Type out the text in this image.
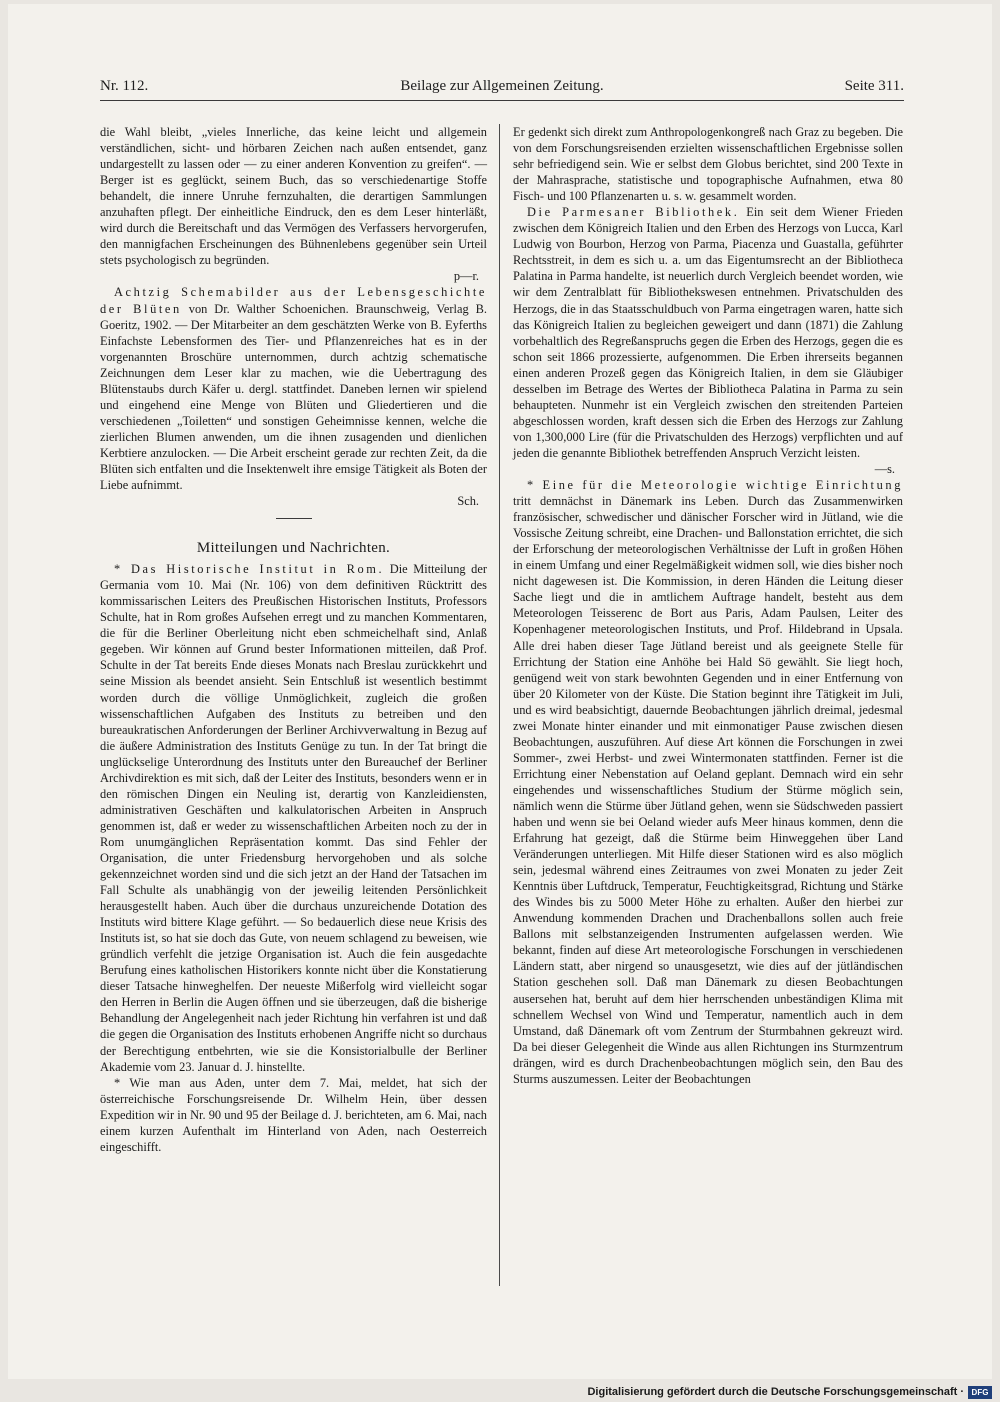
Nr. 112.	Beilage zur Allgemeinen Zeitung.	Seite 311.

die Wahl bleibt, „vieles Innerliche, das keine leicht und allgemein verständlichen, sicht- und hörbaren Zeichen nach außen entsendet, ganz undargestellt zu lassen oder — zu einer anderen Konvention zu greifen“. — Berger ist es geglückt, seinem Buch, das so verschiedenartige Stoffe behandelt, die innere Unruhe fernzuhalten, die derartigen Sammlungen anzuhaften pflegt. Der einheitliche Eindruck, den es dem Leser hinterläßt, wird durch die Bereitschaft und das Vermögen des Verfassers hervorgerufen, den mannigfachen Erscheinungen des Bühnenlebens gegenüber sein Urteil stets psychologisch zu begründen.

p—r.

Achtzig Schemabilder aus der Lebensgeschichte der Blüten von Dr. Walther Schoenichen. Braunschweig, Verlag B. Goeritz, 1902. — Der Mitarbeiter an dem geschätzten Werke von B. Eyferths Einfachste Lebensformen des Tier- und Pflanzenreiches hat es in der vorgenannten Broschüre unternommen, durch achtzig schematische Zeichnungen dem Leser klar zu machen, wie die Uebertragung des Blütenstaubs durch Käfer u. dergl. stattfindet. Daneben lernen wir spielend und eingehend eine Menge von Blüten und Gliedertieren und die verschiedenen „Toiletten“ und sonstigen Geheimnisse kennen, welche die zierlichen Blumen anwenden, um die ihnen zusagenden und dienlichen Kerbtiere anzulocken. — Die Arbeit erscheint gerade zur rechten Zeit, da die Blüten sich entfalten und die Insektenwelt ihre emsige Tätigkeit als Boten der Liebe aufnimmt.

Sch.

Mitteilungen und Nachrichten.

* Das Historische Institut in Rom. Die Mitteilung der Germania vom 10. Mai (Nr. 106) von dem definitiven Rücktritt des kommissarischen Leiters des Preußischen Historischen Instituts, Professors Schulte, hat in Rom großes Aufsehen erregt und zu manchen Kommentaren, die für die Berliner Oberleitung nicht eben schmeichelhaft sind, Anlaß gegeben. Wir können auf Grund bester Informationen mitteilen, daß Prof. Schulte in der Tat bereits Ende dieses Monats nach Breslau zurückkehrt und seine Mission als beendet ansieht. Sein Entschluß ist wesentlich bestimmt worden durch die völlige Unmöglichkeit, zugleich die großen wissenschaftlichen Aufgaben des Instituts zu betreiben und den bureaukratischen Anforderungen der Berliner Archivverwaltung in Bezug auf die äußere Administration des Instituts Genüge zu tun. In der Tat bringt die unglückselige Unterordnung des Instituts unter den Bureauchef der Berliner Archivdirektion es mit sich, daß der Leiter des Instituts, besonders wenn er in den römischen Dingen ein Neuling ist, derartig von Kanzleidiensten, administrativen Geschäften und kalkulatorischen Arbeiten in Anspruch genommen ist, daß er weder zu wissenschaftlichen Arbeiten noch zu der in Rom unumgänglichen Repräsentation kommt. Das sind Fehler der Organisation, die unter Friedensburg hervorgehoben und als solche gekennzeichnet worden sind und die sich jetzt an der Hand der Tatsachen im Fall Schulte als unabhängig von der jeweilig leitenden Persönlichkeit herausgestellt haben. Auch über die durchaus unzureichende Dotation des Instituts wird bittere Klage geführt. — So bedauerlich diese neue Krisis des Instituts ist, so hat sie doch das Gute, von neuem schlagend zu beweisen, wie gründlich verfehlt die jetzige Organisation ist. Auch die fein ausgedachte Berufung eines katholischen Historikers konnte nicht über die Konstatierung dieser Tatsache hinweghelfen. Der neueste Mißerfolg wird vielleicht sogar den Herren in Berlin die Augen öffnen und sie überzeugen, daß die bisherige Behandlung der Angelegenheit nach jeder Richtung hin verfahren ist und daß die gegen die Organisation des Instituts erhobenen Angriffe nicht so durchaus der Berechtigung entbehrten, wie sie die Konsistorialbulle der Berliner Akademie vom 23. Januar d. J. hinstellte.

* Wie man aus Aden, unter dem 7. Mai, meldet, hat sich der österreichische Forschungsreisende Dr. Wilhelm Hein, über dessen Expedition wir in Nr. 90 und 95 der Beilage d. J. berichteten, am 6. Mai, nach einem kurzen Aufenthalt im Hinterland von Aden, nach Oesterreich eingeschifft.

Er gedenkt sich direkt zum Anthropologenkongreß nach Graz zu begeben. Die von dem Forschungsreisenden erzielten wissenschaftlichen Ergebnisse sollen sehr befriedigend sein. Wie er selbst dem Globus berichtet, sind 200 Texte in der Mahrasprache, statistische und topographische Aufnahmen, etwa 80 Fisch- und 100 Pflanzenarten u. s. w. gesammelt worden.

Die Parmesaner Bibliothek. Ein seit dem Wiener Frieden zwischen dem Königreich Italien und den Erben des Herzogs von Lucca, Karl Ludwig von Bourbon, Herzog von Parma, Piacenza und Guastalla, geführter Rechtsstreit, in dem es sich u. a. um das Eigentumsrecht an der Bibliotheca Palatina in Parma handelte, ist neuerlich durch Vergleich beendet worden, wie wir dem Zentralblatt für Bibliothekswesen entnehmen. Privatschulden des Herzogs, die in das Staatsschuldbuch von Parma eingetragen waren, hatte sich das Königreich Italien zu begleichen geweigert und dann (1871) die Zahlung vorbehaltlich des Regreßanspruchs gegen die Erben des Herzogs, gegen die es schon seit 1866 prozessierte, aufgenommen. Die Erben ihrerseits begannen einen anderen Prozeß gegen das Königreich Italien, in dem sie Gläubiger desselben im Betrage des Wertes der Bibliotheca Palatina in Parma zu sein behaupteten. Nunmehr ist ein Vergleich zwischen den streitenden Parteien abgeschlossen worden, kraft dessen sich die Erben des Herzogs zur Zahlung von 1,300,000 Lire (für die Privatschulden des Herzogs) verpflichten und auf jeden die genannte Bibliothek betreffenden Anspruch Verzicht leisten.

—s.

* Eine für die Meteorologie wichtige Einrichtung tritt demnächst in Dänemark ins Leben. Durch das Zusammenwirken französischer, schwedischer und dänischer Forscher wird in Jütland, wie die Vossische Zeitung schreibt, eine Drachen- und Ballonstation errichtet, die sich der Erforschung der meteorologischen Verhältnisse der Luft in großen Höhen in einem Umfang und einer Regelmäßigkeit widmen soll, wie dies bisher noch nicht dagewesen ist. Die Kommission, in deren Händen die Leitung dieser Sache liegt und die in amtlichem Auftrage handelt, besteht aus dem Meteorologen Teisserenc de Bort aus Paris, Adam Paulsen, Leiter des Kopenhagener meteorologischen Instituts, und Prof. Hildebrand in Upsala. Alle drei haben dieser Tage Jütland bereist und als geeignete Stelle für Errichtung der Station eine Anhöhe bei Hald Sö gewählt. Sie liegt hoch, genügend weit von stark bewohnten Gegenden und in einer Entfernung von über 20 Kilometer von der Küste. Die Station beginnt ihre Tätigkeit im Juli, und es wird beabsichtigt, dauernde Beobachtungen jährlich dreimal, jedesmal zwei Monate hinter einander und mit einmonatiger Pause zwischen diesen Beobachtungen, auszuführen. Auf diese Art können die Forschungen in zwei Sommer-, zwei Herbst- und zwei Wintermonaten stattfinden. Ferner ist die Errichtung einer Nebenstation auf Oeland geplant. Demnach wird ein sehr eingehendes und wissenschaftliches Studium der Stürme möglich sein, nämlich wenn die Stürme über Jütland gehen, wenn sie Südschweden passiert haben und wenn sie bei Oeland wieder aufs Meer hinaus kommen, denn die Erfahrung hat gezeigt, daß die Stürme beim Hinweggehen über Land Veränderungen unterliegen. Mit Hilfe dieser Stationen wird es also möglich sein, jedesmal während eines Zeitraumes von zwei Monaten zu jeder Zeit Kenntnis über Luftdruck, Temperatur, Feuchtigkeitsgrad, Richtung und Stärke des Windes bis zu 5000 Meter Höhe zu erhalten. Außer den hierbei zur Anwendung kommenden Drachen und Drachenballons sollen auch freie Ballons mit selbstanzeigenden Instrumenten aufgelassen werden. Wie bekannt, finden auf diese Art meteorologische Forschungen in verschiedenen Ländern statt, aber nirgend so unausgesetzt, wie dies auf der jütländischen Station geschehen soll. Daß man Dänemark zu diesen Beobachtungen ausersehen hat, beruht auf dem hier herrschenden unbeständigen Klima mit schnellem Wechsel von Wind und Temperatur, namentlich auch in dem Umstand, daß Dänemark oft vom Zentrum der Sturmbahnen gekreuzt wird. Da bei dieser Gelegenheit die Winde aus allen Richtungen ins Sturmzentrum drängen, wird es durch Drachenbeobachtungen möglich sein, den Bau des Sturms auszumessen. Leiter der Beobachtungen

Digitalisierung gefördert durch die Deutsche Forschungsgemeinschaft · DFG
